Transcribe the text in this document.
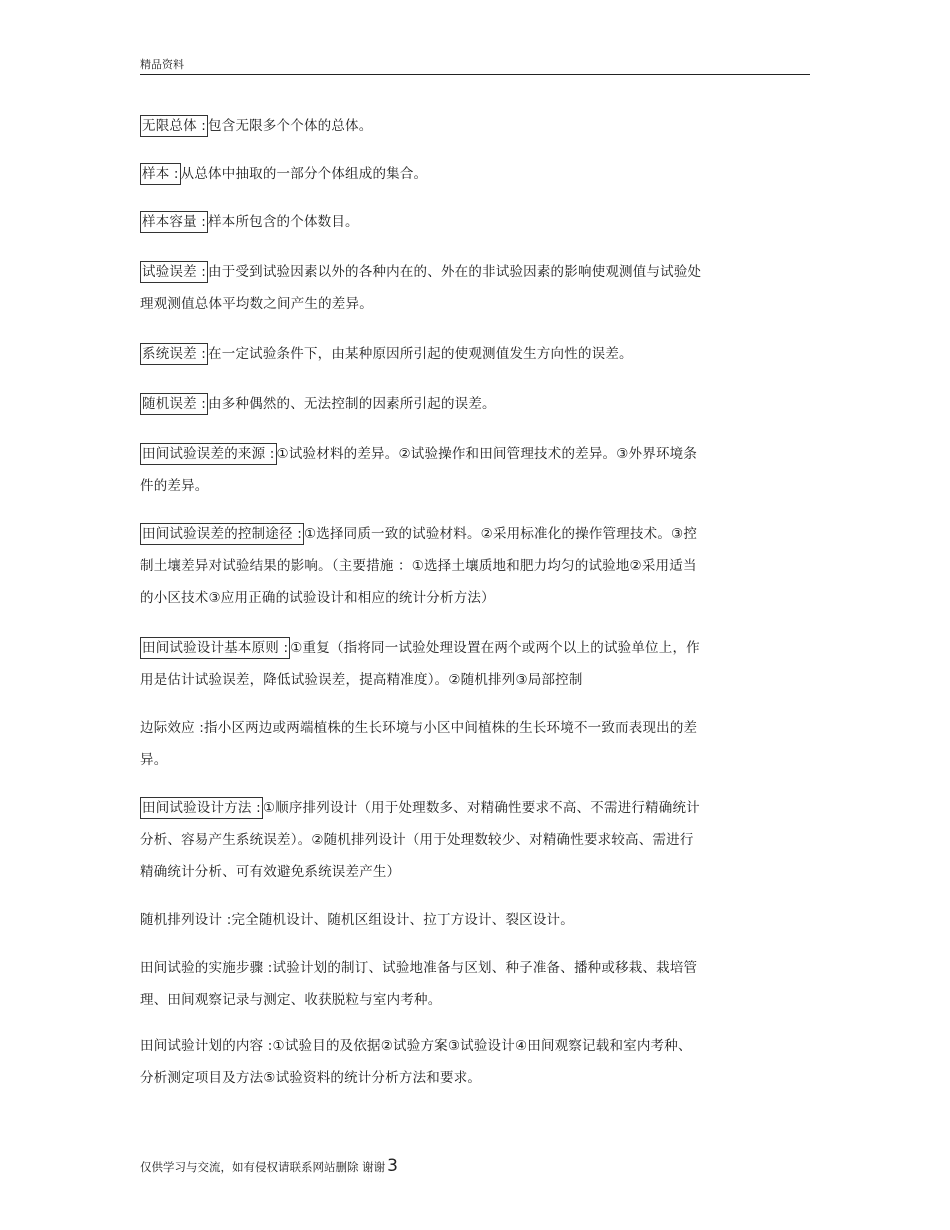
精品资料
无限总体 : 包含无限多个个体的总体。
样本 : 从总体中抽取的一部分个体组成的集合。
样本容量 : 样本所包含的个体数目。
试验误差 : 由于受到试验因素以外的各种内在的、外在的非试验因素的影响使观测值与试验处
理观测值总体平均数之间产生的差异。
系统误差 : 在一定试验条件下，由某种原因所引起的使观测值发生方向性的误差。
随机误差 : 由多种偶然的、无法控制的因素所引起的误差。
田间试验误差的来源 : ①试验材料的差异。②试验操作和田间管理技术的差异。③外界环境条
件的差异。
田间试验误差的控制途径 : ①选择同质一致的试验材料。②采用标准化的操作管理技术。③控
制土壤差异对试验结果的影响。（主要措施 ：①选择土壤质地和肥力均匀的试验地②采用适当
的小区技术③应用正确的试验设计和相应的统计分析方法）
田间试验设计基本原则 : ①重复（指将同一试验处理设置在两个或两个以上的试验单位上，作
用是估计试验误差，降低试验误差，提高精准度）。②随机排列③局部控制
边际效应 :指小区两边或两端植株的生长环境与小区中间植株的生长环境不一致而表现出的差
异。
田间试验设计方法 : ①顺序排列设计（用于处理数多、对精确性要求不高、不需进行精确统计
分析、容易产生系统误差）。②随机排列设计（用于处理数较少、对精确性要求较高、需进行
精确统计分析、可有效避免系统误差产生）
随机排列设计 :完全随机设计、随机区组设计、拉丁方设计、裂区设计。
田间试验的实施步骤 :试验计划的制订、试验地准备与区划、种子准备、播种或移栽、栽培管
理、田间观察记录与测定、收获脱粒与室内考种。
田间试验计划的内容 :①试验目的及依据②试验方案③试验设计④田间观察记载和室内考种、
分析测定项目及方法⑤试验资料的统计分析方法和要求。
仅供学习与交流，如有侵权请联系网站删除 谢谢 3
